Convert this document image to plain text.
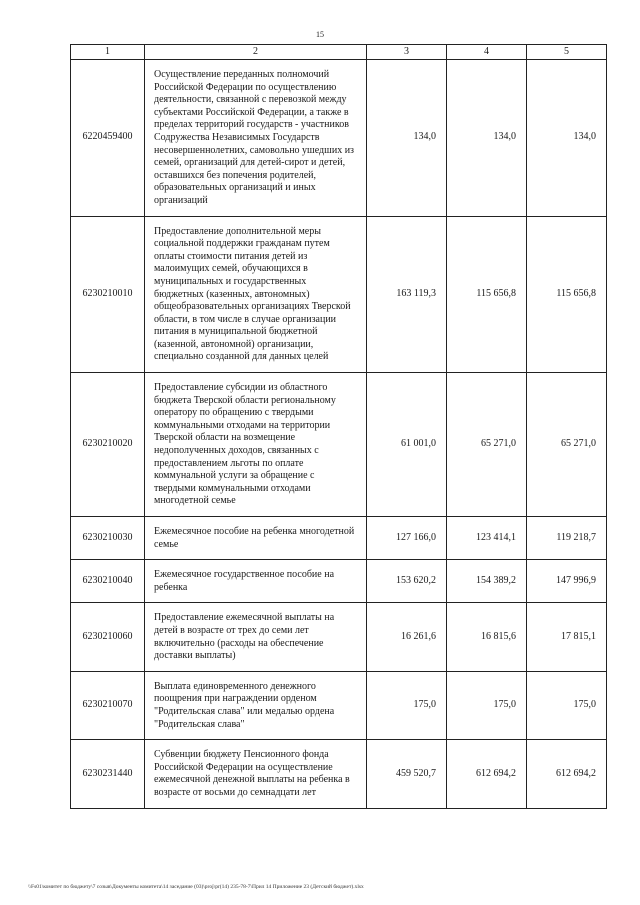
15
1	2	3	4	5
6220459400	Осуществление переданных полномочий Российской Федерации по осуществлению деятельности, связанной с перевозкой между субъектами Российской Федерации, а также в пределах территорий государств - участников Содружества Независимых Государств несовершеннолетних, самовольно ушедших из семей, организаций для детей-сирот и детей, оставшихся без попечения родителей, образовательных организаций и иных организаций	134,0	134,0	134,0
6230210010	Предоставление дополнительной меры социальной поддержки гражданам путем оплаты стоимости питания детей из малоимущих семей, обучающихся в муниципальных и государственных бюджетных (казенных, автономных) общеобразовательных организациях Тверской области, в том числе в случае организации питания в муниципальной бюджетной (казенной, автономной) организации, специально созданной для данных целей	163 119,3	115 656,8	115 656,8
6230210020	Предоставление субсидии из областного бюджета Тверской области региональному оператору по обращению с твердыми коммунальными отходами на территории Тверской области на возмещение недополученных доходов, связанных с предоставлением льготы по оплате коммунальной услуги за обращение с твердыми коммунальными отходами многодетной семье	61 001,0	65 271,0	65 271,0
6230210030	Ежемесячное пособие на ребенка многодетной семье	127 166,0	123 414,1	119 218,7
6230210040	Ежемесячное государственное пособие на ребенка	153 620,2	154 389,2	147 996,9
6230210060	Предоставление ежемесячной выплаты на детей в возрасте от трех до семи лет включительно (расходы на обеспечение доставки выплаты)	16 261,6	16 815,6	17 815,1
6230210070	Выплата единовременного денежного поощрения при награждении орденом "Родительская слава" или медалью ордена "Родительская слава"	175,0	175,0	175,0
6230231440	Субвенции бюджету Пенсионного фонда Российской Федерации на осуществление ежемесячной денежной выплаты на ребенка в возрасте от восьми до семнадцати лет	459 520,7	612 694,2	612 694,2
\\Fs01\комитет по бюджету\7 созыв\Документы комитета\14 заседание (03)\proj\pr(14) 235-78-7\Прил 14 Приложение 23 (Детский бюджет).xlsx
